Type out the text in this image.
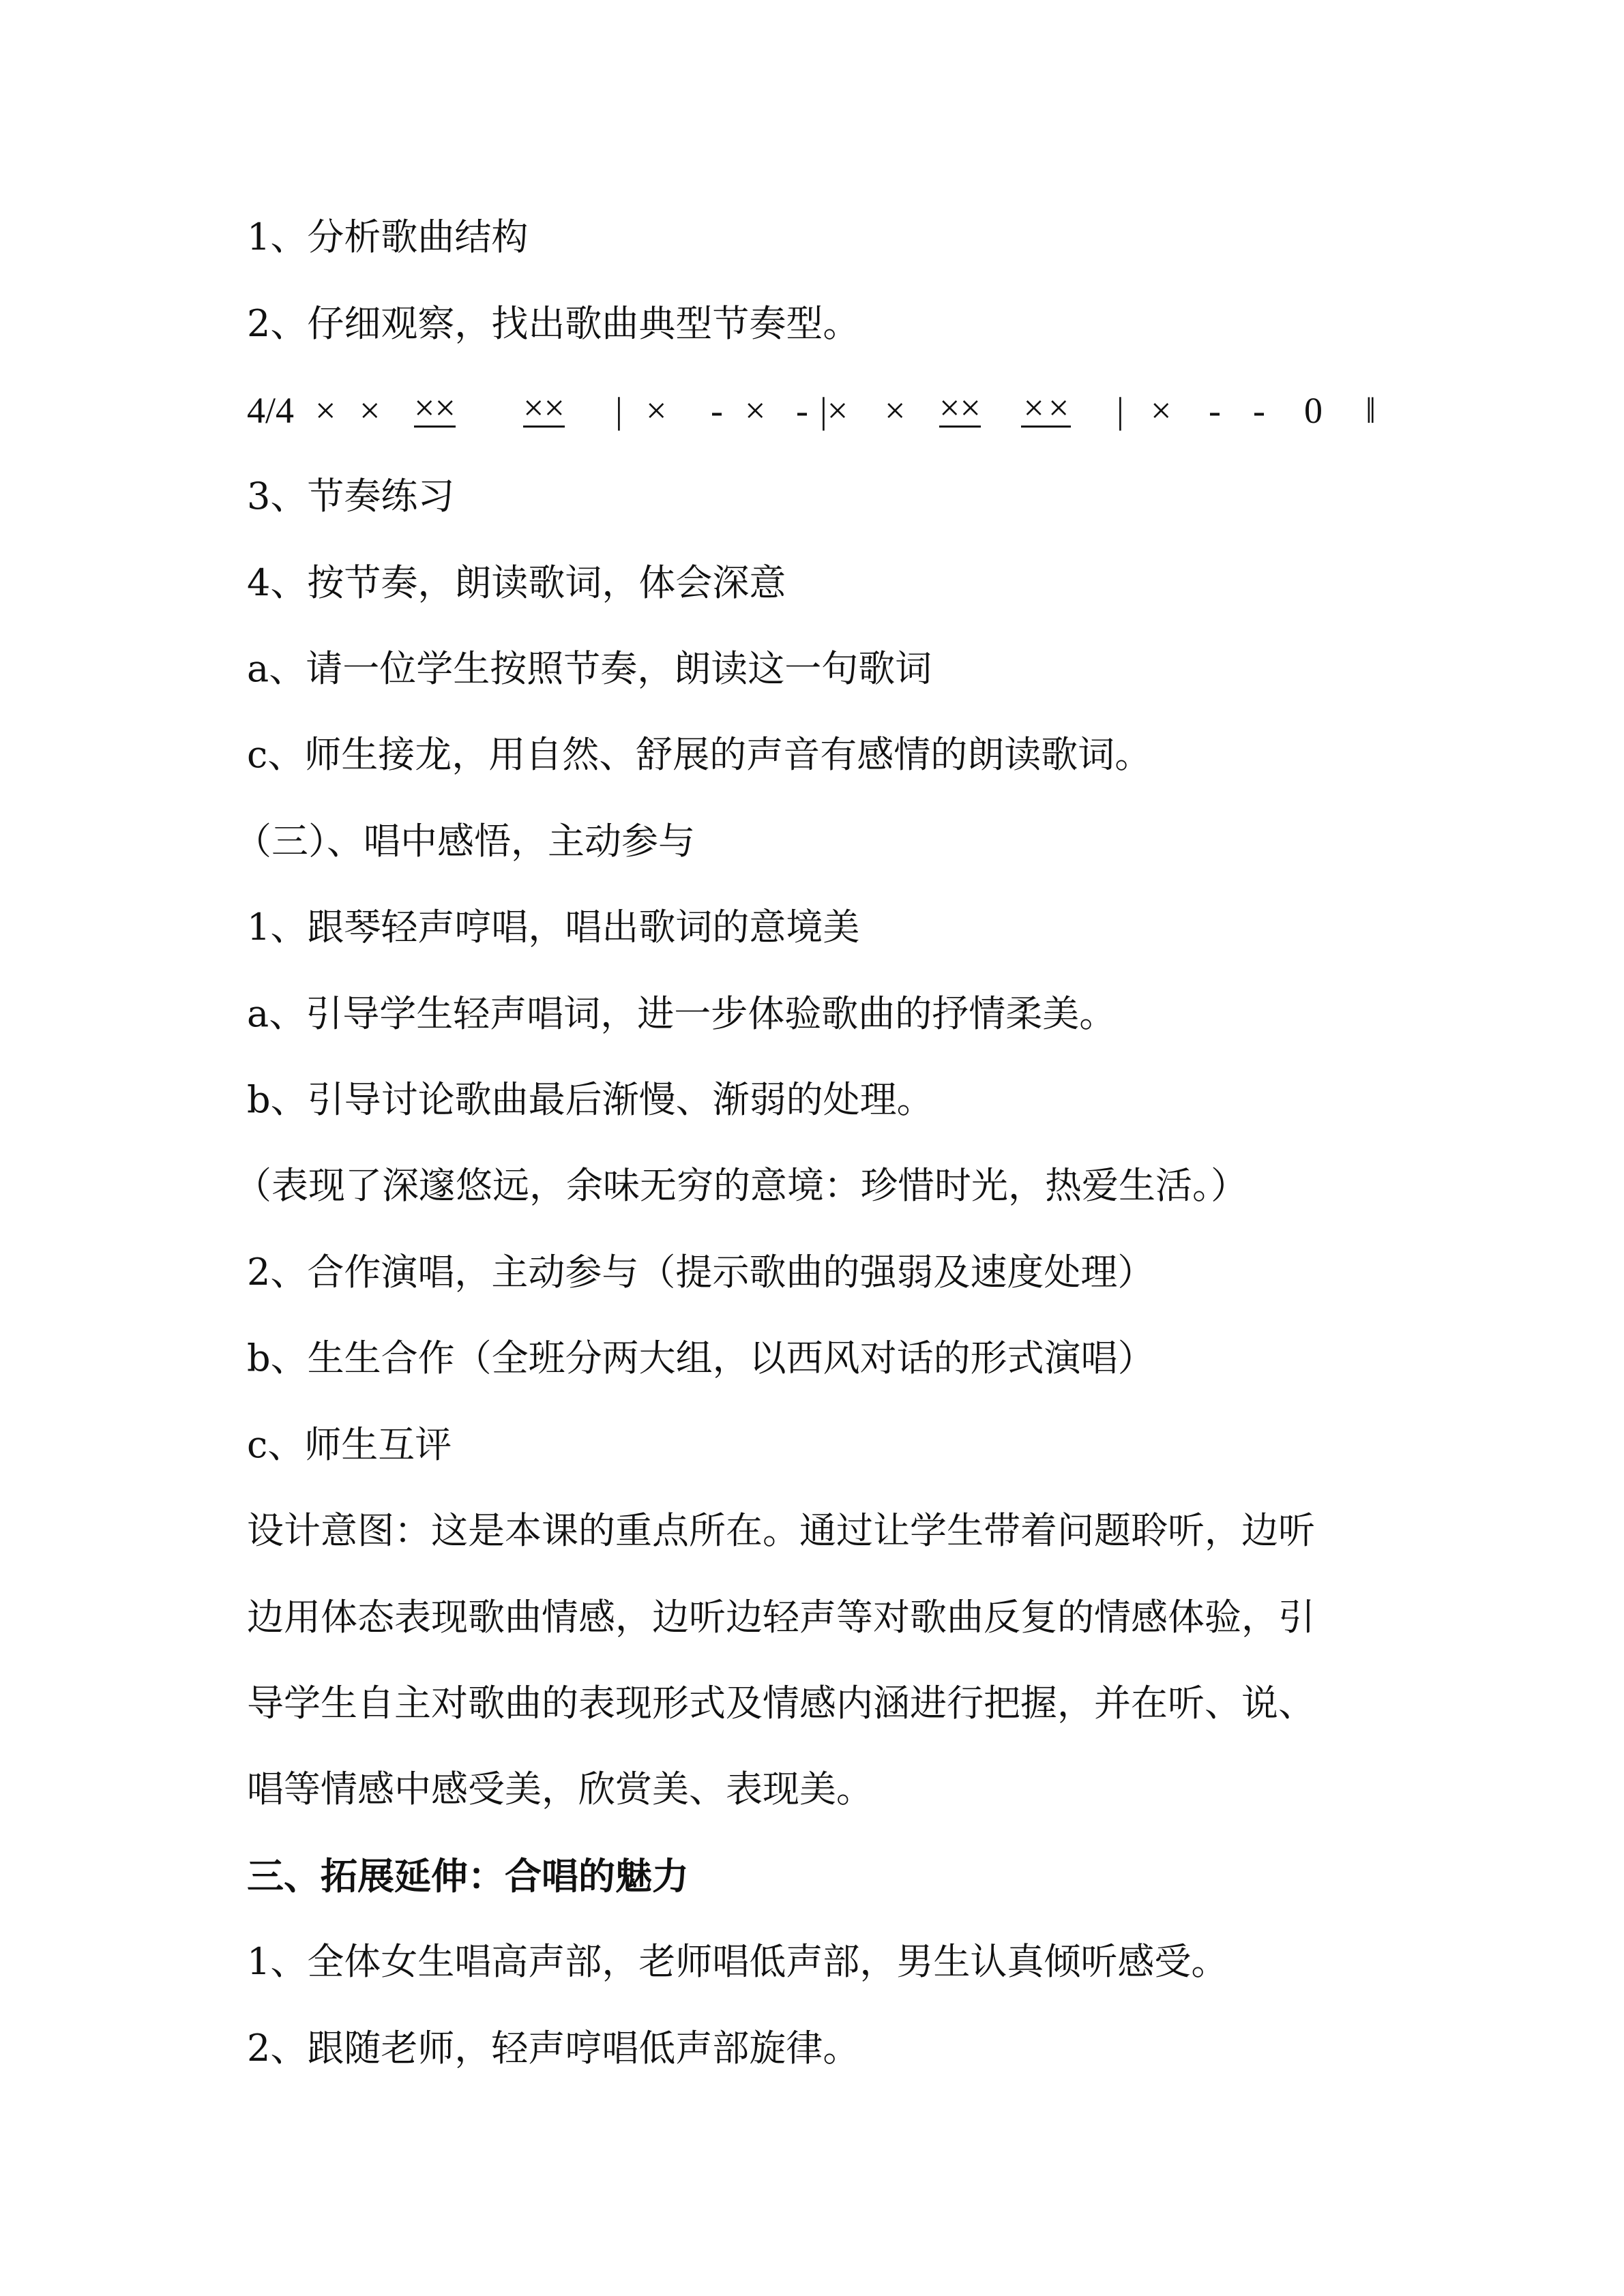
1、分析歌曲结构
2、仔细观察，找出歌曲典型节奏型。
4/4 × × ×× ×× | × - × - |× × ×× ×× | × - - 0 ‖
3、节奏练习
4、按节奏，朗读歌词，体会深意
a、请一位学生按照节奏，朗读这一句歌词
c、师生接龙，用自然、舒展的声音有感情的朗读歌词。
（三）、唱中感悟，主动参与
1、跟琴轻声哼唱，唱出歌词的意境美
a、引导学生轻声唱词，进一步体验歌曲的抒情柔美。
b、引导讨论歌曲最后渐慢、渐弱的处理。
（表现了深邃悠远，余味无穷的意境：珍惜时光，热爱生活。）
2、合作演唱，主动参与（提示歌曲的强弱及速度处理）
b、生生合作（全班分两大组，以西风对话的形式演唱）
c、师生互评
设计意图：这是本课的重点所在。通过让学生带着问题聆听，边听
边用体态表现歌曲情感，边听边轻声等对歌曲反复的情感体验，引
导学生自主对歌曲的表现形式及情感内涵进行把握，并在听、说、
唱等情感中感受美，欣赏美、表现美。
三、拓展延伸：合唱的魅力
1、全体女生唱高声部，老师唱低声部，男生认真倾听感受。
2、跟随老师，轻声哼唱低声部旋律。
